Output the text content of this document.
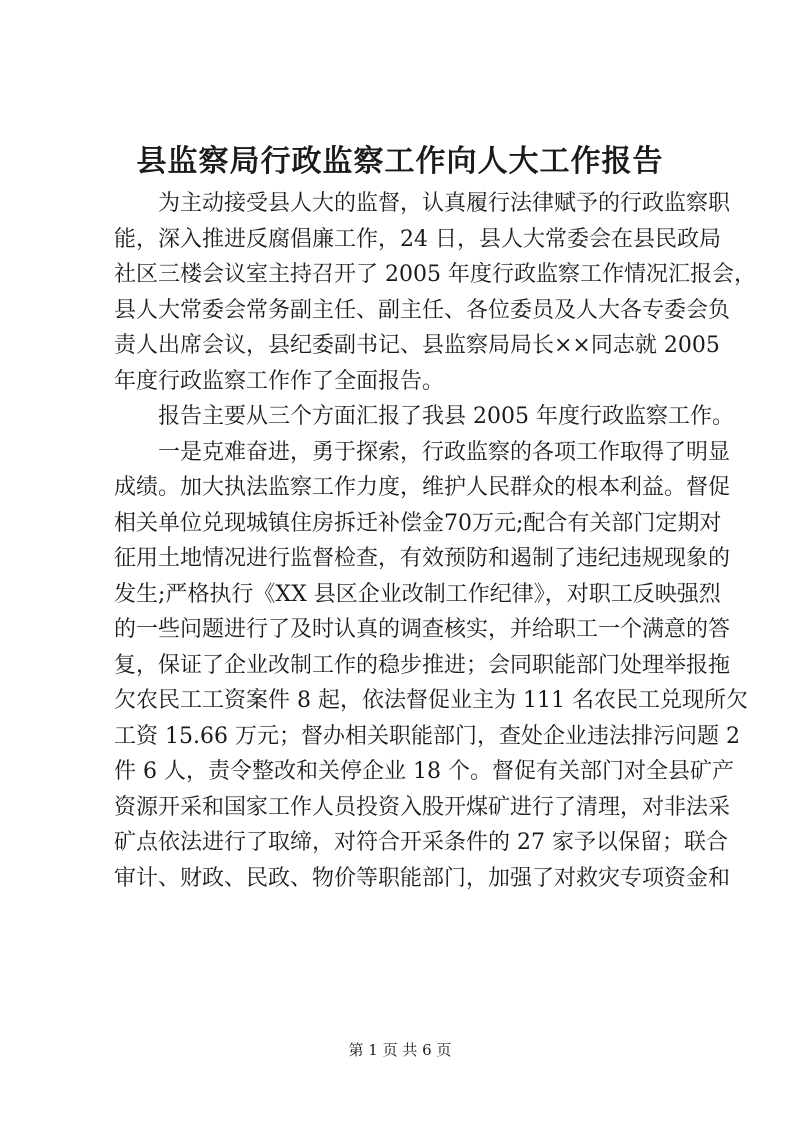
县监察局行政监察工作向人大工作报告
为主动接受县人大的监督，认真履行法律赋予的行政监察职
能，深入推进反腐倡廉工作，24 日，县人大常委会在县民政局
社区三楼会议室主持召开了 2005 年度行政监察工作情况汇报会，
县人大常委会常务副主任、副主任、各位委员及人大各专委会负
责人出席会议，县纪委副书记、县监察局局长××同志就 2005
年度行政监察工作作了全面报告。
报告主要从三个方面汇报了我县 2005 年度行政监察工作。
一是克难奋进，勇于探索，行政监察的各项工作取得了明显
成绩。加大执法监察工作力度，维护人民群众的根本利益。督促
相关单位兑现城镇住房拆迁补偿金70万元;配合有关部门定期对
征用土地情况进行监督检查，有效预防和遏制了违纪违规现象的
发生;严格执行《XX 县区企业改制工作纪律》，对职工反映强烈
的一些问题进行了及时认真的调查核实，并给职工一个满意的答
复，保证了企业改制工作的稳步推进；会同职能部门处理举报拖
欠农民工工资案件 8 起，依法督促业主为 111 名农民工兑现所欠
工资 15.66 万元；督办相关职能部门，查处企业违法排污问题 2
件 6 人，责令整改和关停企业 18 个。督促有关部门对全县矿产
资源开采和国家工作人员投资入股开煤矿进行了清理，对非法采
矿点依法进行了取缔，对符合开采条件的 27 家予以保留；联合
审计、财政、民政、物价等职能部门，加强了对救灾专项资金和
第 1 页 共 6 页
